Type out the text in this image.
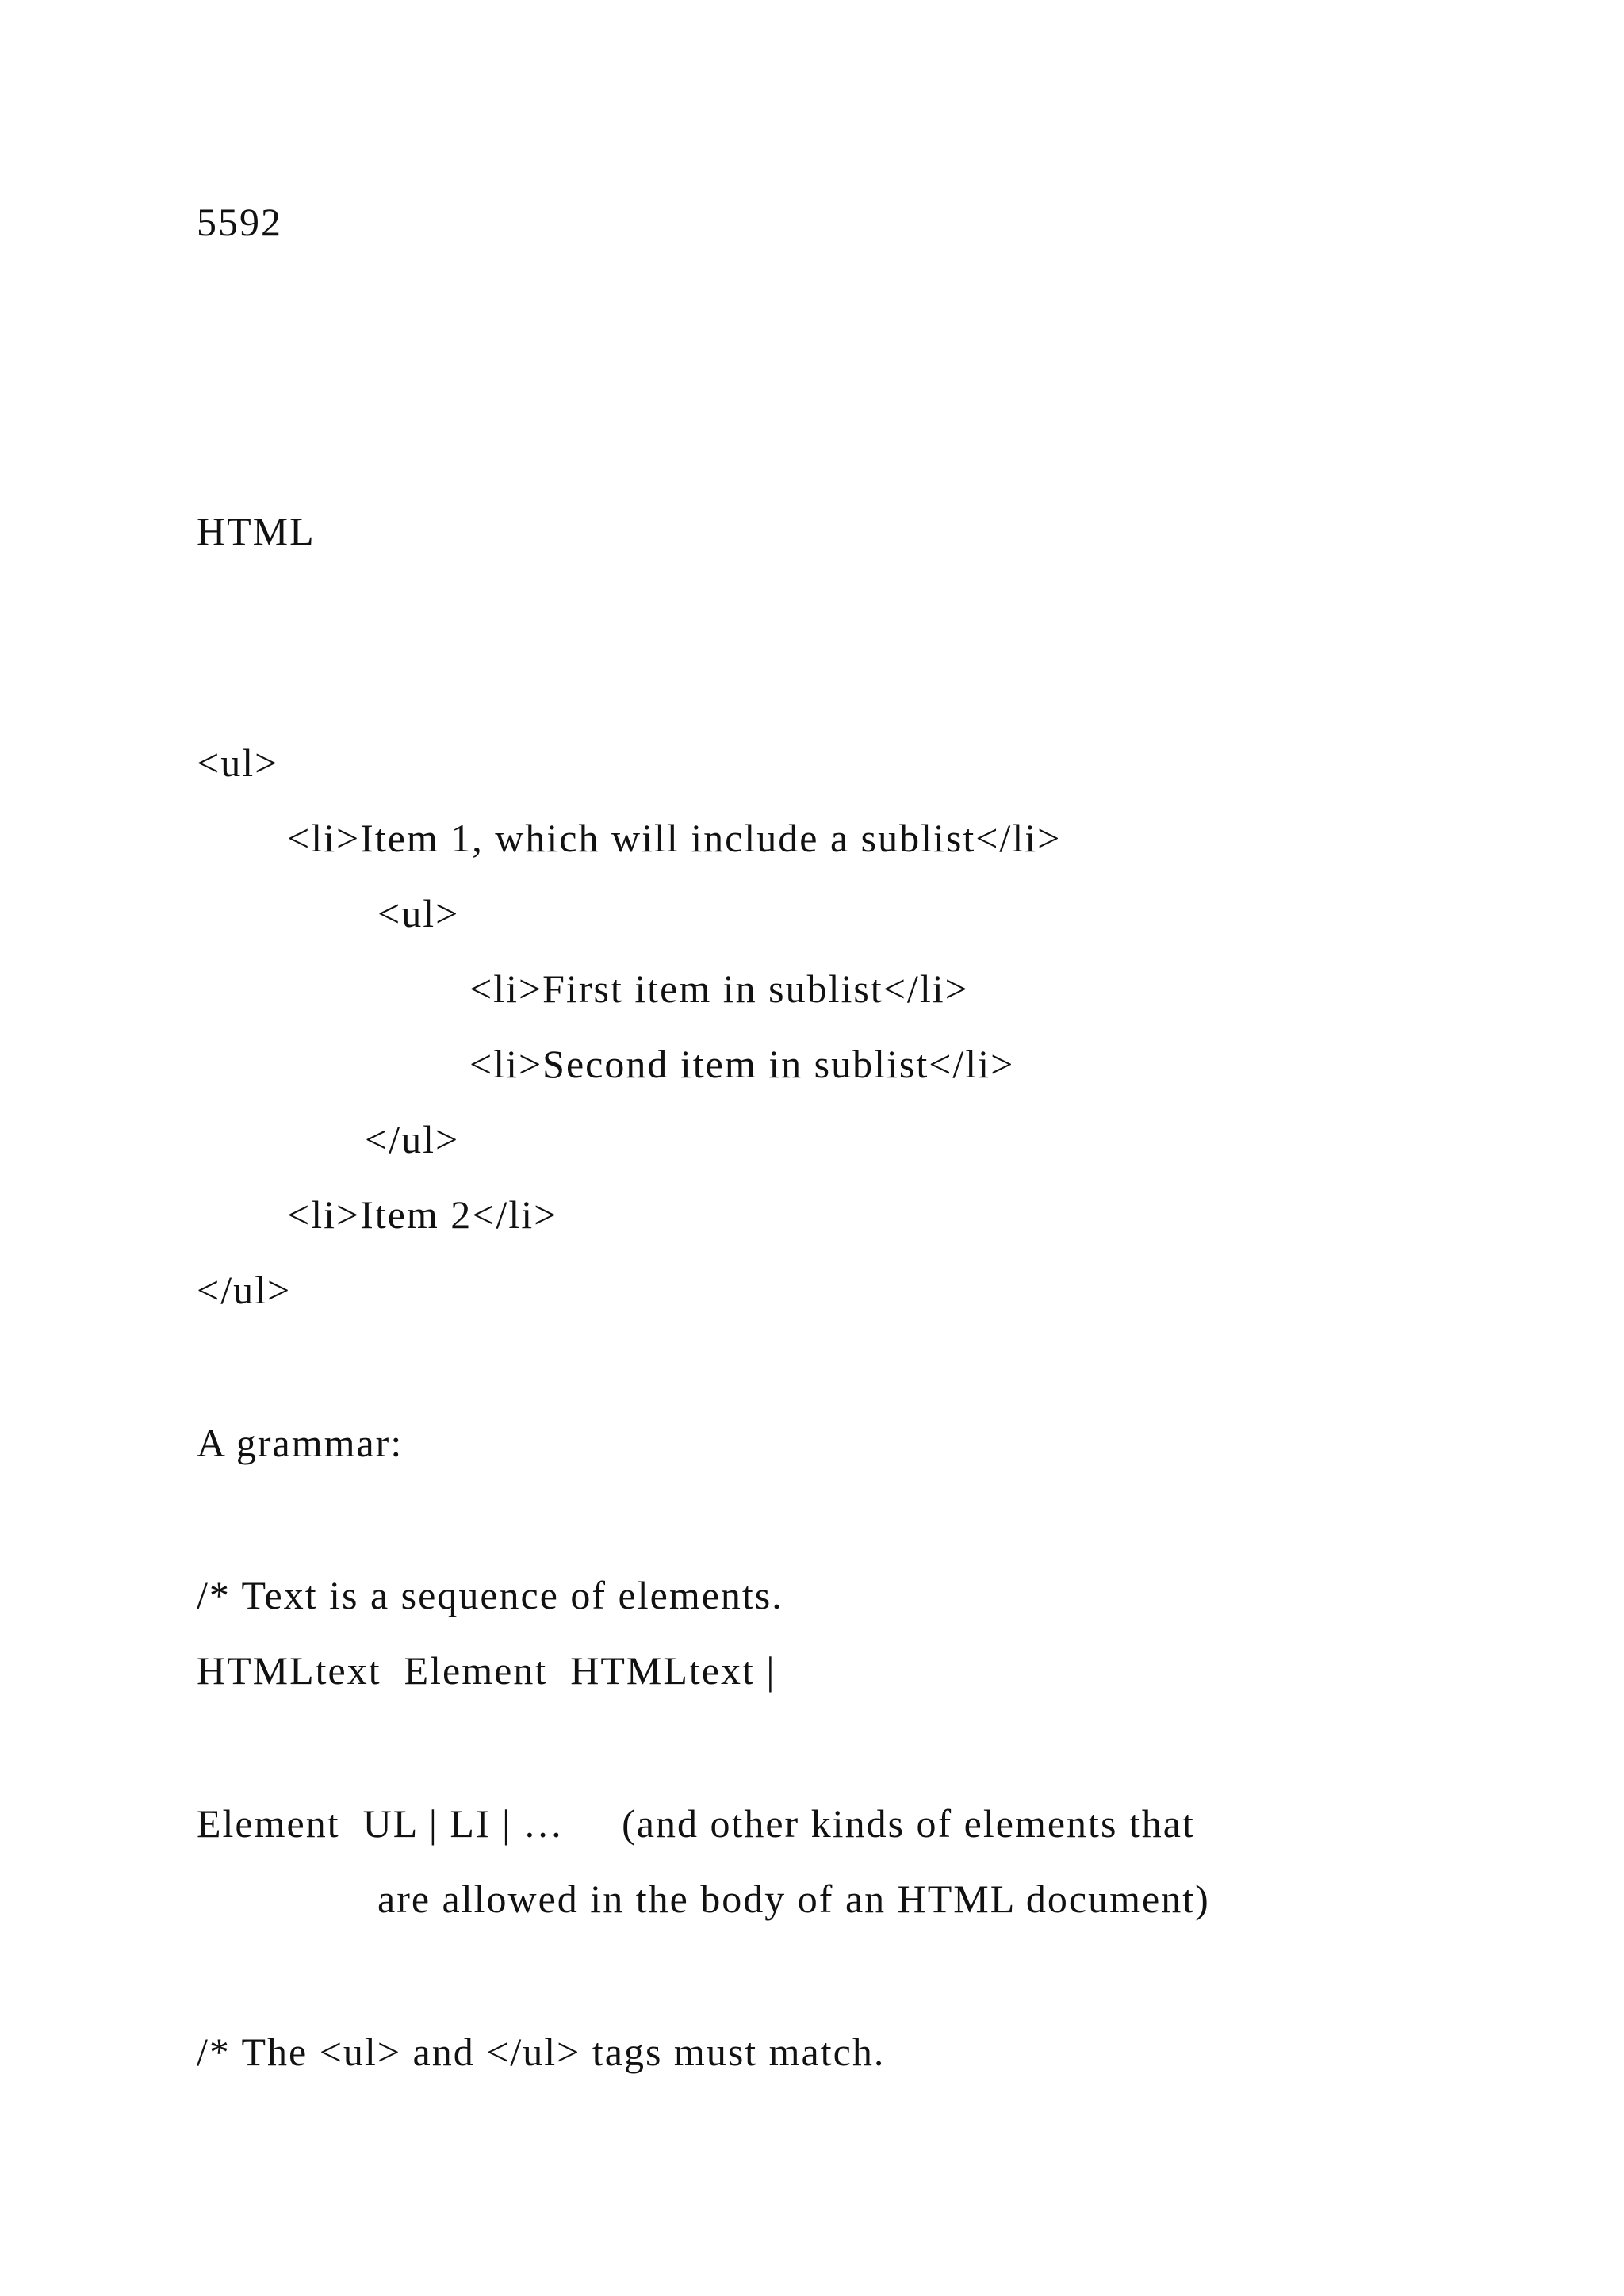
5592
HTML
<ul>
<li>Item 1, which will include a sublist</li>
<ul>
<li>First item in sublist</li>
<li>Second item in sublist</li>
</ul>
<li>Item 2</li>
</ul>
A grammar:
/* Text is a sequence of elements.
HTMLtext  Element  HTMLtext |
Element  UL | LI | …     (and other kinds of elements that
are allowed in the body of an HTML document)
/* The <ul> and </ul> tags must match.
